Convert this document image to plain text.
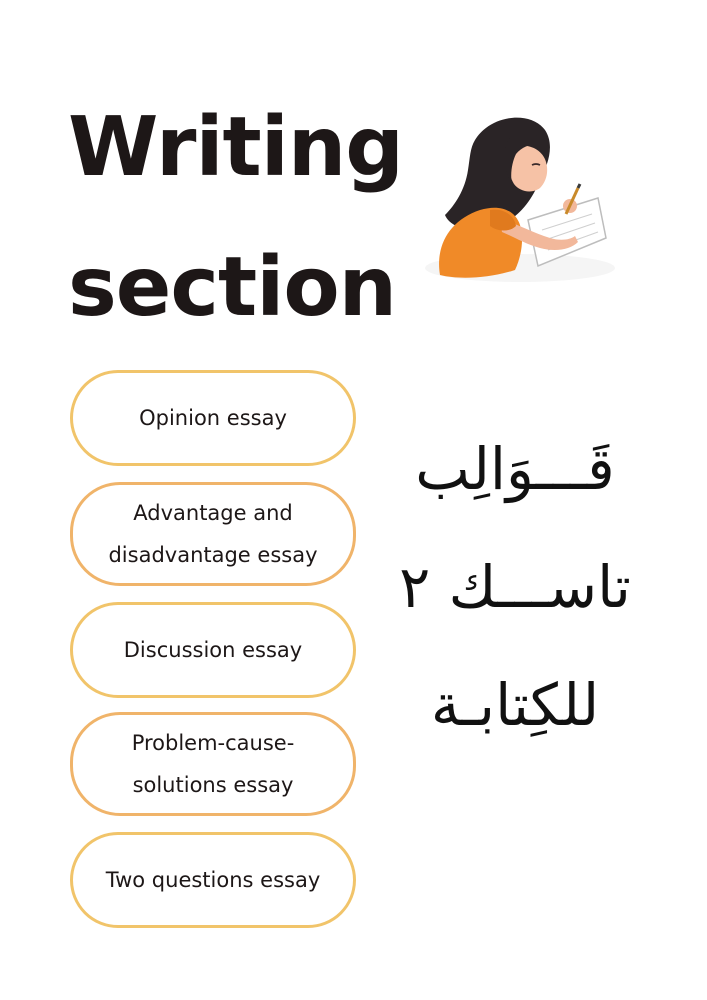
Writing
section
Opinion essay
Advantage and disadvantage essay
Discussion essay
Problem-cause-solutions essay
Two questions essay
قَـــوَالِب
تاســـك ٢
للكِتابـة
